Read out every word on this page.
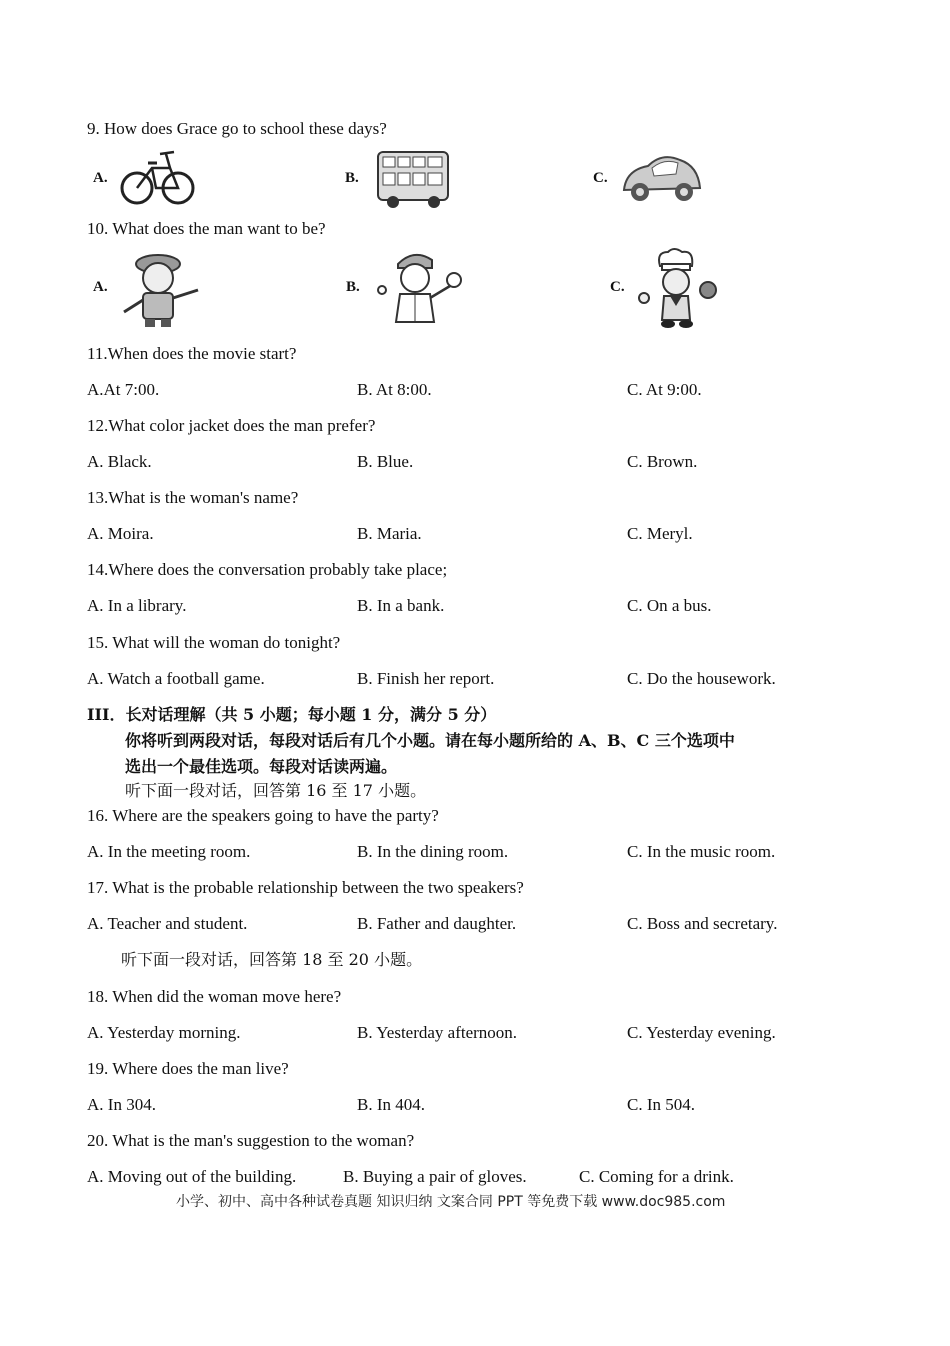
9. How does Grace go to school these days?
A.	B.	C.
10. What does the man want to be?
A.	B.	C.
11.When does the movie start?
A.At 7:00.	B. At 8:00.	C. At 9:00.
12.What color jacket does the man prefer?
A. Black.	B. Blue.	C. Brown.
13.What is the woman's name?
A. Moira.	B. Maria.	C. Meryl.
14.Where does the conversation probably take place;
A. In a library.	B. In a bank.	C. On a bus.
15. What will the woman do tonight?
A. Watch a football game.	B. Finish her report.	C. Do the housework.
III．长对话理解（共 5 小题；每小题 1 分，满分 5 分）
你将听到两段对话，每段对话后有几个小题。请在每小题所给的 A、B、C 三个选项中
选出一个最佳选项。每段对话读两遍。
听下面一段对话，回答第 16 至 17 小题。
16. Where are the speakers going to have the party?
A. In the meeting room.	B. In the dining room.	C. In the music room.
17. What is the probable relationship between the two speakers?
A. Teacher and student.	B. Father and daughter.	C. Boss and secretary.
听下面一段对话，回答第 18 至 20 小题。
18. When did the woman move here?
A. Yesterday morning.	B. Yesterday afternoon.	C. Yesterday evening.
19. Where does the man live?
A. In 304.	B. In 404.	C. In 504.
20. What is the man's suggestion to the woman?
A. Moving out of the building.	B. Buying a pair of gloves.	C. Coming for a drink.
小学、初中、高中各种试卷真题 知识归纳 文案合同 PPT 等免费下载 www.doc985.com
